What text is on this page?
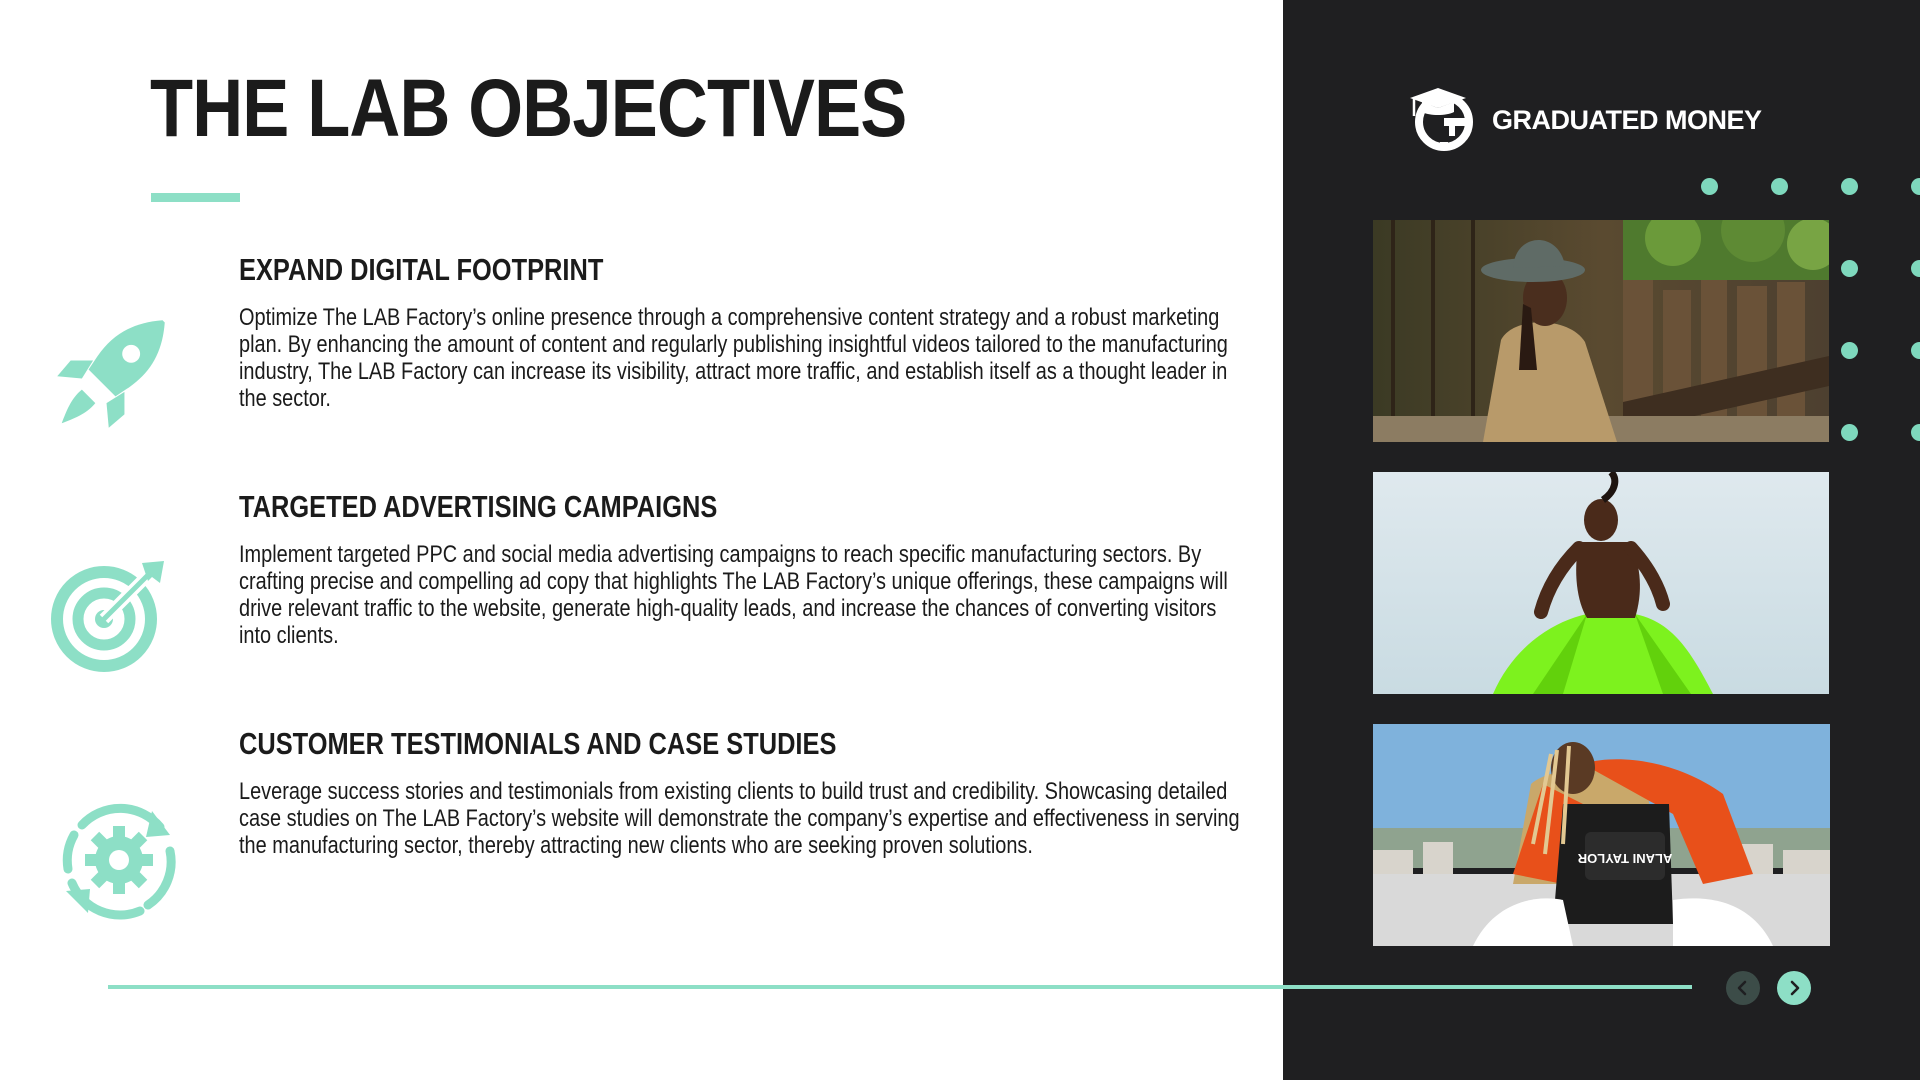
THE LAB OBJECTIVES
EXPAND DIGITAL FOOTPRINT

Optimize The LAB Factory’s online presence through a comprehensive content strategy and a robust marketing plan. By enhancing the amount of content and regularly publishing insightful videos tailored to the manufacturing industry, The LAB Factory can increase its visibility, attract more traffic, and establish itself as a thought leader in the sector.

TARGETED ADVERTISING CAMPAIGNS

Implement targeted PPC and social media advertising campaigns to reach specific manufacturing sectors. By crafting precise and compelling ad copy that highlights The LAB Factory’s unique offerings, these campaigns will drive relevant traffic to the website, generate high-quality leads, and increase the chances of converting visitors into clients.

CUSTOMER TESTIMONIALS AND CASE STUDIES

Leverage success stories and testimonials from existing clients to build trust and credibility. Showcasing detailed case studies on The LAB Factory’s website will demonstrate the company’s expertise and effectiveness in serving the manufacturing sector, thereby attracting new clients who are seeking proven solutions.

GRADUATED MONEY
ALANI TAYLOR
